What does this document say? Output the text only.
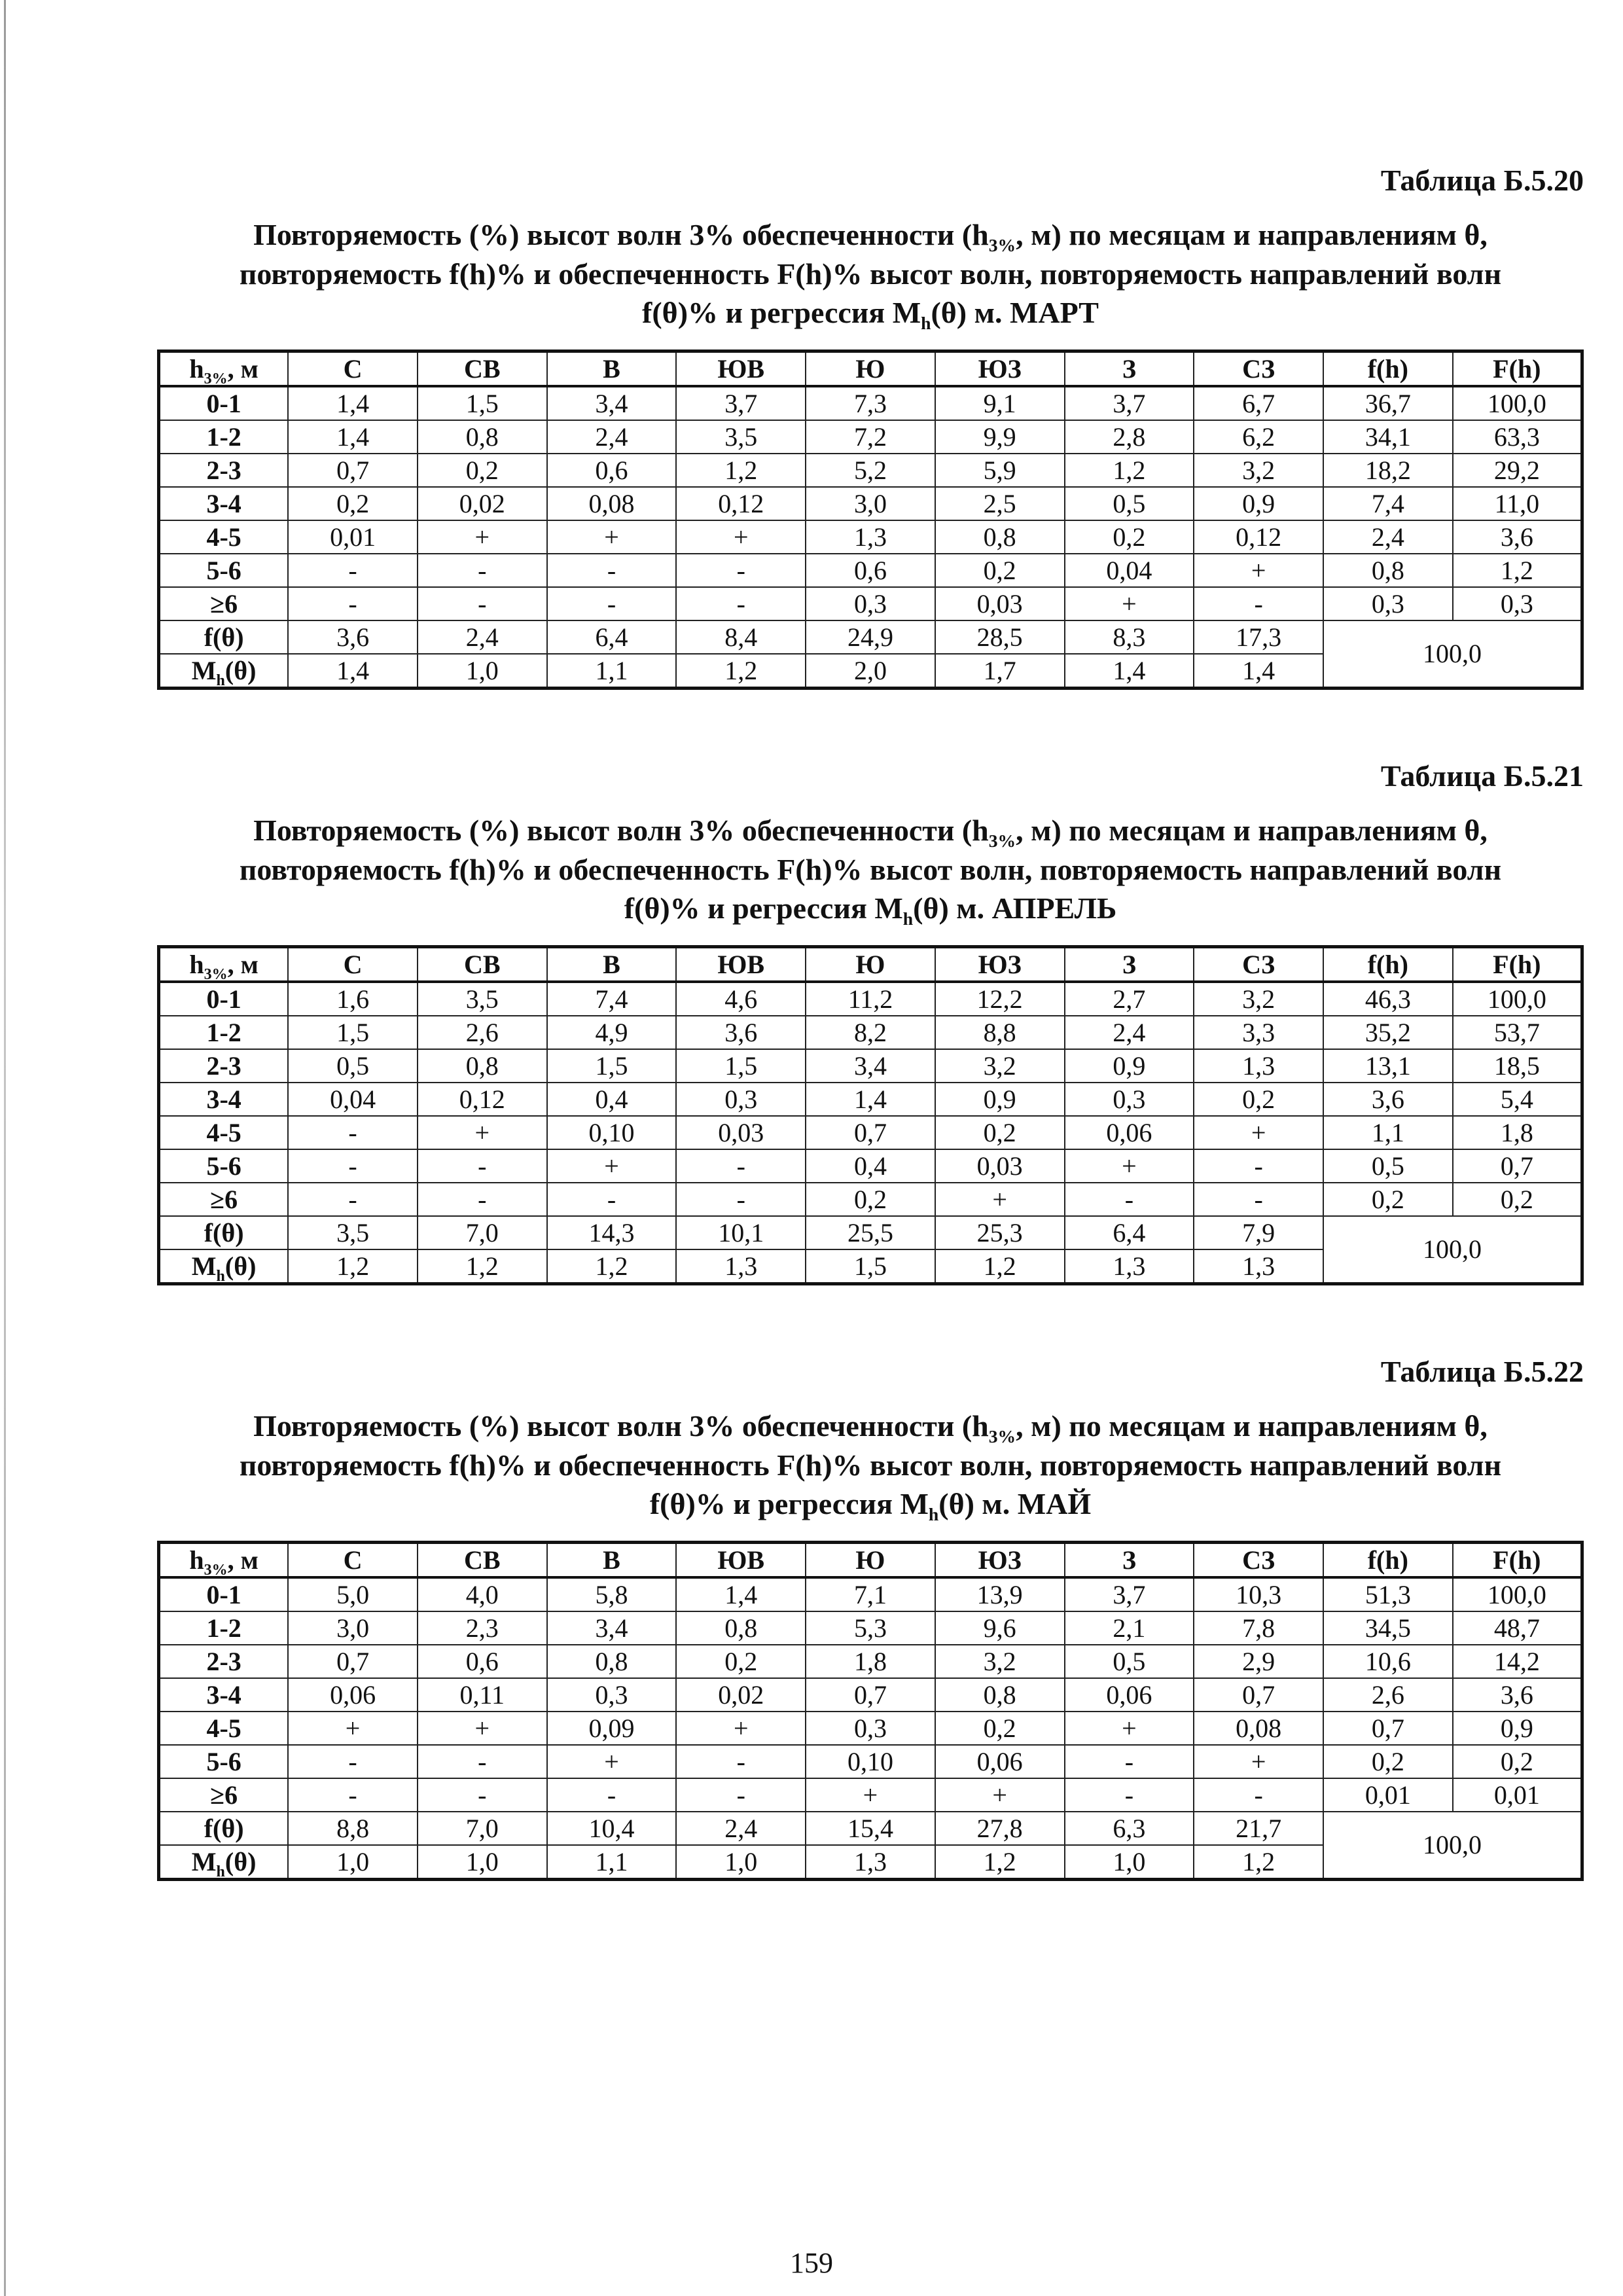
Таблица Б.5.20
Повторяемость (%) высот волн 3% обеспеченности ($h_{3\%}$, м) по месяцам и направлениям θ,
повторяемость f(h)% и обеспеченность F(h)% высот волн, повторяемость направлений волн
f(θ)% и регрессия $M_h(\theta)$ м. МАРТ
$h_{3\%}$, м	С	СВ	В	ЮВ	Ю	ЮЗ	З	СЗ	f(h)	F(h)
0-1	1,4	1,5	3,4	3,7	7,3	9,1	3,7	6,7	36,7	100,0
1-2	1,4	0,8	2,4	3,5	7,2	9,9	2,8	6,2	34,1	63,3
2-3	0,7	0,2	0,6	1,2	5,2	5,9	1,2	3,2	18,2	29,2
3-4	0,2	0,02	0,08	0,12	3,0	2,5	0,5	0,9	7,4	11,0
4-5	0,01	+	+	+	1,3	0,8	0,2	0,12	2,4	3,6
5-6	-	-	-	-	0,6	0,2	0,04	+	0,8	1,2
≥6	-	-	-	-	0,3	0,03	+	-	0,3	0,3
f(θ)	3,6	2,4	6,4	8,4	24,9	28,5	8,3	17,3	100,0	
$M_h(\theta)$	1,4	1,0	1,1	1,2	2,0	1,7	1,4	1,4		
Таблица Б.5.21
Повторяемость (%) высот волн 3% обеспеченности ($h_{3\%}$, м) по месяцам и направлениям θ,
повторяемость f(h)% и обеспеченность F(h)% высот волн, повторяемость направлений волн
f(θ)% и регрессия $M_h(\theta)$ м. АПРЕЛЬ
$h_{3\%}$, м	С	СВ	В	ЮВ	Ю	ЮЗ	З	СЗ	f(h)	F(h)
0-1	1,6	3,5	7,4	4,6	11,2	12,2	2,7	3,2	46,3	100,0
1-2	1,5	2,6	4,9	3,6	8,2	8,8	2,4	3,3	35,2	53,7
2-3	0,5	0,8	1,5	1,5	3,4	3,2	0,9	1,3	13,1	18,5
3-4	0,04	0,12	0,4	0,3	1,4	0,9	0,3	0,2	3,6	5,4
4-5	-	+	0,10	0,03	0,7	0,2	0,06	+	1,1	1,8
5-6	-	-	+	-	0,4	0,03	+	-	0,5	0,7
≥6	-	-	-	-	0,2	+	-	-	0,2	0,2
f(θ)	3,5	7,0	14,3	10,1	25,5	25,3	6,4	7,9	100,0	
$M_h(\theta)$	1,2	1,2	1,2	1,3	1,5	1,2	1,3	1,3		
Таблица Б.5.22
Повторяемость (%) высот волн 3% обеспеченности ($h_{3\%}$, м) по месяцам и направлениям θ,
повторяемость f(h)% и обеспеченность F(h)% высот волн, повторяемость направлений волн
f(θ)% и регрессия $M_h(\theta)$ м. МАЙ
$h_{3\%}$, м	С	СВ	В	ЮВ	Ю	ЮЗ	З	СЗ	f(h)	F(h)
0-1	5,0	4,0	5,8	1,4	7,1	13,9	3,7	10,3	51,3	100,0
1-2	3,0	2,3	3,4	0,8	5,3	9,6	2,1	7,8	34,5	48,7
2-3	0,7	0,6	0,8	0,2	1,8	3,2	0,5	2,9	10,6	14,2
3-4	0,06	0,11	0,3	0,02	0,7	0,8	0,06	0,7	2,6	3,6
4-5	+	+	0,09	+	0,3	0,2	+	0,08	0,7	0,9
5-6	-	-	+	-	0,10	0,06	-	+	0,2	0,2
≥6	-	-	-	-	+	+	-	-	0,01	0,01
f(θ)	8,8	7,0	10,4	2,4	15,4	27,8	6,3	21,7	100,0	
$M_h(\theta)$	1,0	1,0	1,1	1,0	1,3	1,2	1,0	1,2		
159
